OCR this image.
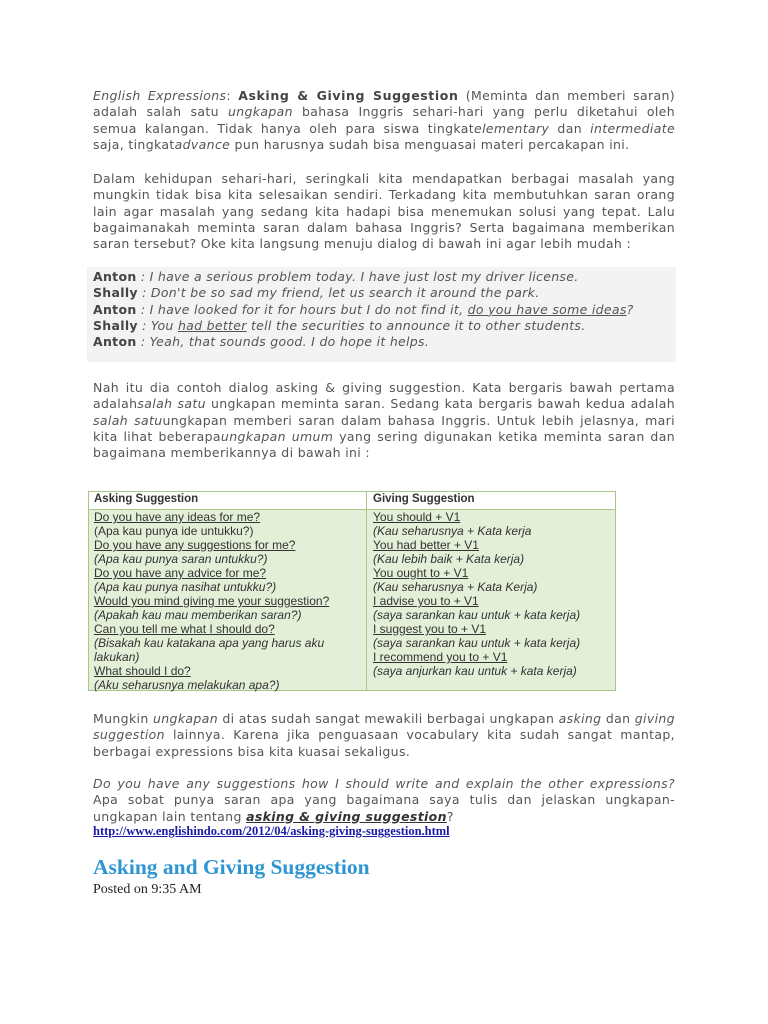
English Expressions: Asking & Giving Suggestion (Meminta dan memberi saran) adalah salah satu ungkapan bahasa Inggris sehari-hari yang perlu diketahui oleh semua kalangan. Tidak hanya oleh para siswa tingkatelementary dan intermediate saja, tingkatadvance pun harusnya sudah bisa menguasai materi percakapan ini.

Dalam kehidupan sehari-hari, seringkali kita mendapatkan berbagai masalah yang mungkin tidak bisa kita selesaikan sendiri. Terkadang kita membutuhkan saran orang lain agar masalah yang sedang kita hadapi bisa menemukan solusi yang tepat. Lalu bagaimanakah meminta saran dalam bahasa Inggris? Serta bagaimana memberikan saran tersebut? Oke kita langsung menuju dialog di bawah ini agar lebih mudah :

Anton : I have a serious problem today. I have just lost my driver license.
Shally : Don't be so sad my friend, let us search it around the park.
Anton : I have looked for it for hours but I do not find it, do you have some ideas?
Shally : You had better tell the securities to announce it to other students.
Anton : Yeah, that sounds good. I do hope it helps.

Nah itu dia contoh dialog asking & giving suggestion. Kata bergaris bawah pertama adalahsalah satu ungkapan meminta saran. Sedang kata bergaris bawah kedua adalah salah satuungkapan memberi saran dalam bahasa Inggris. Untuk lebih jelasnya, mari kita lihat beberapaungkapan umum yang sering digunakan ketika meminta saran dan bagaimana memberikannya di bawah ini :

Asking Suggestion	Giving Suggestion
Do you have any ideas for me?
(Apa kau punya ide untukku?)
Do you have any suggestions for me?
(Apa kau punya saran untukku?)
Do you have any advice for me?
(Apa kau punya nasihat untukku?)
Would you mind giving me your suggestion?
(Apakah kau mau memberikan saran?)
Can you tell me what I should do?
(Bisakah kau katakana apa yang harus aku lakukan)
What should I do?
(Aku seharusnya melakukan apa?)
You should + V1
(Kau seharusnya + Kata kerja
You had better + V1
(Kau lebih baik + Kata kerja)
You ought to + V1
(Kau seharusnya + Kata Kerja)
I advise you to + V1
(saya sarankan kau untuk + kata kerja)
I suggest you to + V1
(saya sarankan kau untuk + kata kerja)
I recommend you to + V1
(saya anjurkan kau untuk + kata kerja)

Mungkin ungkapan di atas sudah sangat mewakili berbagai ungkapan asking dan giving suggestion lainnya. Karena jika penguasaan vocabulary kita sudah sangat mantap, berbagai expressions bisa kita kuasai sekaligus.

Do you have any suggestions how I should write and explain the other expressions? Apa sobat punya saran apa yang bagaimana saya tulis dan jelaskan ungkapan-ungkapan lain tentang asking & giving suggestion?

http://www.englishindo.com/2012/04/asking-giving-suggestion.html
Asking and Giving Suggestion
Posted on 9:35 AM
